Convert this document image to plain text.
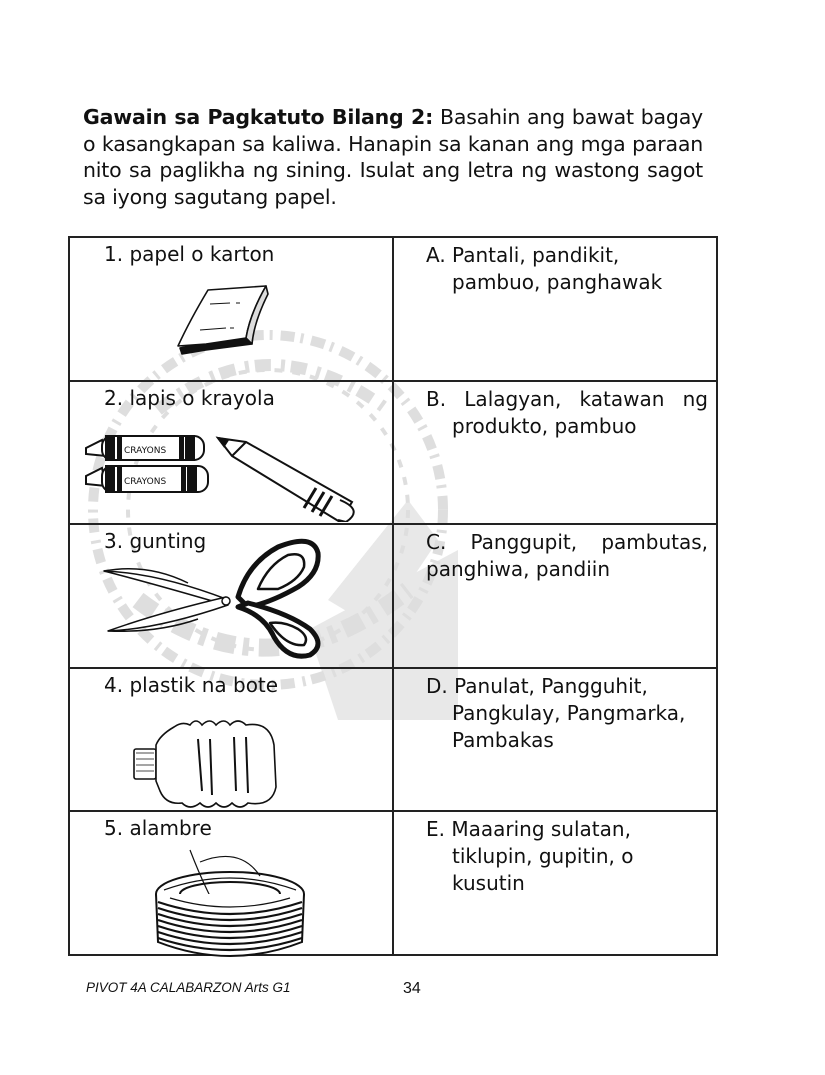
Gawain sa Pagkatuto Bilang 2: Basahin ang bawat bagay o kasangkapan sa kaliwa. Hanapin sa kanan ang mga paraan nito sa paglikha ng sining. Isulat ang letra ng wastong sagot sa iyong sagutang papel.
1. papel o karton	A. Pantali, pandikit,
pambuo, panghawak

2. lapis o krayola
CRAYONS
CRAYONS	B. Lalagyan, katawan ng
produkto, pambuo

3. gunting	C. Panggupit, pambutas,
panghiwa, pandiin

4. plastik na bote	D. Panulat, Pangguhit,
Pangkulay, Pangmarka, Pambakas

5. alambre	E. Maaaring sulatan,
tiklupin, gupitin, o kusutin
PIVOT 4A CALABARZON Arts G1	34
